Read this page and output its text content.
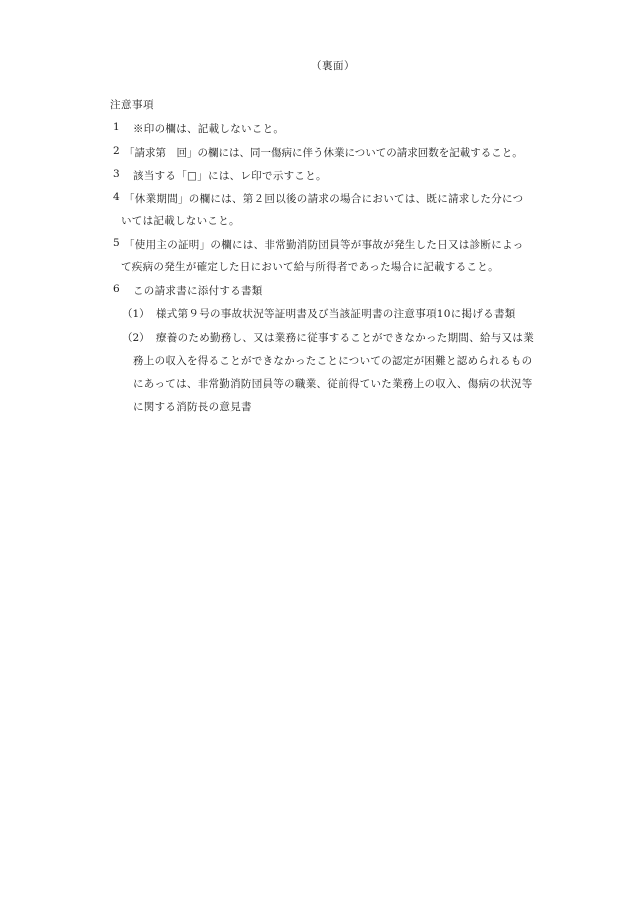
（裏面）
注意事項
1 ※印の欄は、記載しないこと。
2 「請求第　回」の欄には、同一傷病に伴う休業についての請求回数を記載すること。
3 該当する「□」には、レ印で示すこと。
4 「休業期間」の欄には、第２回以後の請求の場合においては、既に請求した分につ
いては記載しないこと。
5 「使用主の証明」の欄には、非常勤消防団員等が事故が発生した日又は診断によっ
て疾病の発生が確定した日において給与所得者であった場合に記載すること。
6 この請求書に添付する書類
（1） 様式第９号の事故状況等証明書及び当該証明書の注意事項10に掲げる書類
（2） 療養のため勤務し、又は業務に従事することができなかった期間、給与又は業
務上の収入を得ることができなかったことについての認定が困難と認められるもの
にあっては、非常勤消防団員等の職業、従前得ていた業務上の収入、傷病の状況等
に関する消防長の意見書
